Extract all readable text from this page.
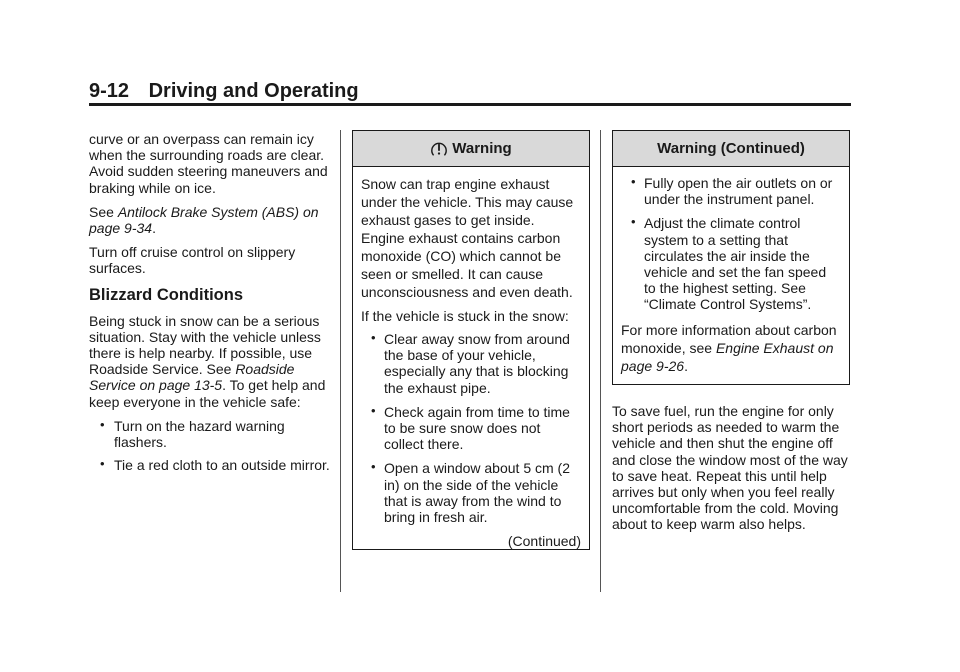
9-12 Driving and Operating

curve or an overpass can remain icy when the surrounding roads are clear. Avoid sudden steering maneuvers and braking while on ice.

See Antilock Brake System (ABS) on page 9-34.

Turn off cruise control on slippery surfaces.

Blizzard Conditions

Being stuck in snow can be a serious situation. Stay with the vehicle unless there is help nearby. If possible, use Roadside Service. See Roadside Service on page 13-5. To get help and keep everyone in the vehicle safe:

• Turn on the hazard warning flashers.
• Tie a red cloth to an outside mirror.
Warning

Snow can trap engine exhaust under the vehicle. This may cause exhaust gases to get inside. Engine exhaust contains carbon monoxide (CO) which cannot be seen or smelled. It can cause unconsciousness and even death.

If the vehicle is stuck in the snow:

• Clear away snow from around the base of your vehicle, especially any that is blocking the exhaust pipe.
• Check again from time to time to be sure snow does not collect there.
• Open a window about 5 cm (2 in) on the side of the vehicle that is away from the wind to bring in fresh air.

(Continued)

Warning (Continued)
• Fully open the air outlets on or under the instrument panel.
• Adjust the climate control system to a setting that circulates the air inside the vehicle and set the fan speed to the highest setting. See “Climate Control Systems”.

For more information about carbon monoxide, see Engine Exhaust on page 9-26.

To save fuel, run the engine for only short periods as needed to warm the vehicle and then shut the engine off and close the window most of the way to save heat. Repeat this until help arrives but only when you feel really uncomfortable from the cold. Moving about to keep warm also helps.
